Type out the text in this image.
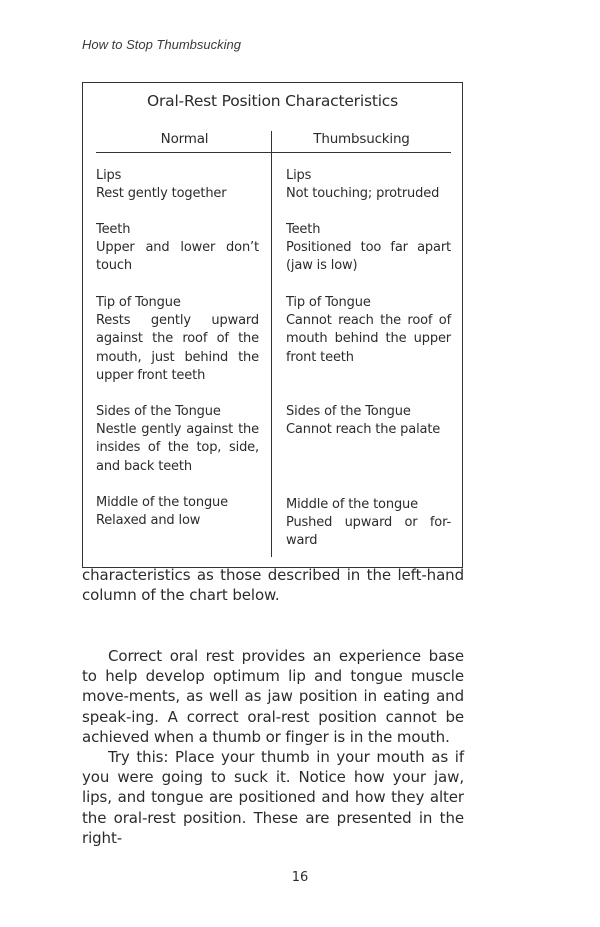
How to Stop Thumbsucking
Oral-Rest Position Characteristics
Normal	Thumbsucking
Lips
Rest gently together
Lips
Not touching; protruded
Teeth
Upper and lower don’t touch
Teeth
Positioned too far apart (jaw is low)
Tip of Tongue
Rests gently upward against the roof of the mouth, just behind the upper front teeth
Tip of Tongue
Cannot reach the roof of mouth behind the upper front teeth
Sides of the Tongue
Nestle gently against the insides of the top, side, and back teeth
Sides of the Tongue
Cannot reach the palate
Middle of the tongue
Relaxed and low
Middle of the tongue
Pushed upward or for-ward

characteristics as those described in the left-hand column of the chart below.

Correct oral rest provides an experience base to help develop optimum lip and tongue muscle move-ments, as well as jaw position in eating and speak-ing. A correct oral-rest position cannot be achieved when a thumb or finger is in the mouth.

Try this: Place your thumb in your mouth as if you were going to suck it. Notice how your jaw, lips, and tongue are positioned and how they alter the oral-rest position. These are presented in the right-

16
